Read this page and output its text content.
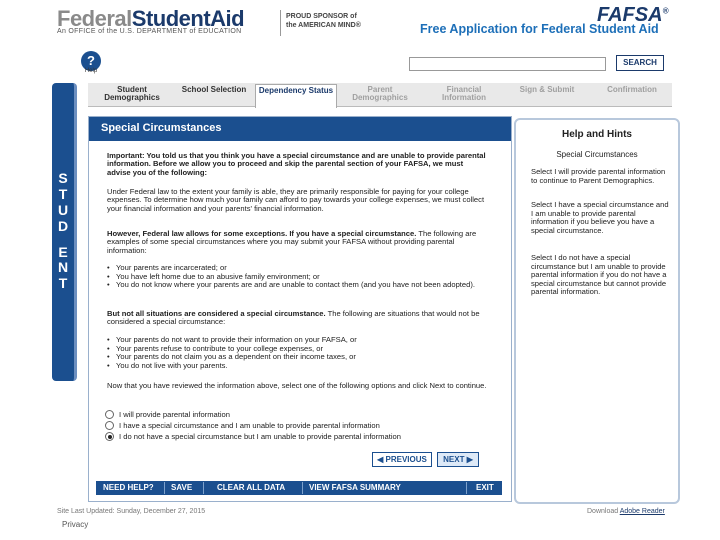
FederalStudentAid
An OFFICE of the U.S. DEPARTMENT of EDUCATION
PROUD SPONSOR of
the AMERICAN MIND®	FAFSA®
Free Application for Federal Student Aid
?
Help
SEARCH
S
T
U
D
E
N
T
Student Demographics
School Selection	Dependency Status	Parent Demographics
Financial Information
Sign & Submit	Confirmation
Special Circumstances
Important: You told us that you think you have a special circumstance and are unable to provide parental information. Before we allow you to proceed and skip the parental section of your FAFSA, we must advise you of the following:
Under Federal law to the extent your family is able, they are primarily responsible for paying for your college expenses. To determine how much your family can afford to pay towards your college expenses, we must collect your financial information and your parents' financial information.
However, Federal law allows for some exceptions. If you have a special circumstance. The following are examples of some special circumstances where you may submit your FAFSA without providing parental information:
• Your parents are incarcerated; or
• You have left home due to an abusive family environment; or
• You do not know where your parents are and are unable to contact them (and you have not been adopted).
But not all situations are considered a special circumstance. The following are situations that would not be considered a special circumstance:
• Your parents do not want to provide their information on your FAFSA, or
• Your parents refuse to contribute to your college expenses, or
• Your parents do not claim you as a dependent on their income taxes, or
• You do not live with your parents.
Now that you have reviewed the information above, select one of the following options and click Next to continue.
I will provide parental information
I have a special circumstance and I am unable to provide parental information
I do not have a special circumstance but I am unable to provide parental information
◀ PREVIOUS	NEXT ▶
NEED HELP? SAVE	CLEAR ALL DATA	VIEW FAFSA SUMMARY	EXIT
Help and Hints
Special Circumstances
Select I will provide parental information to continue to Parent Demographics.
Select I have a special circumstance and I am unable to provide parental information if you believe you have a special circumstance.
Select I do not have a special circumstance but I am unable to provide parental information if you do not have a special circumstance but cannot provide parental information.
Site Last Updated: Sunday, December 27, 2015	Download Adobe Reader
Privacy
